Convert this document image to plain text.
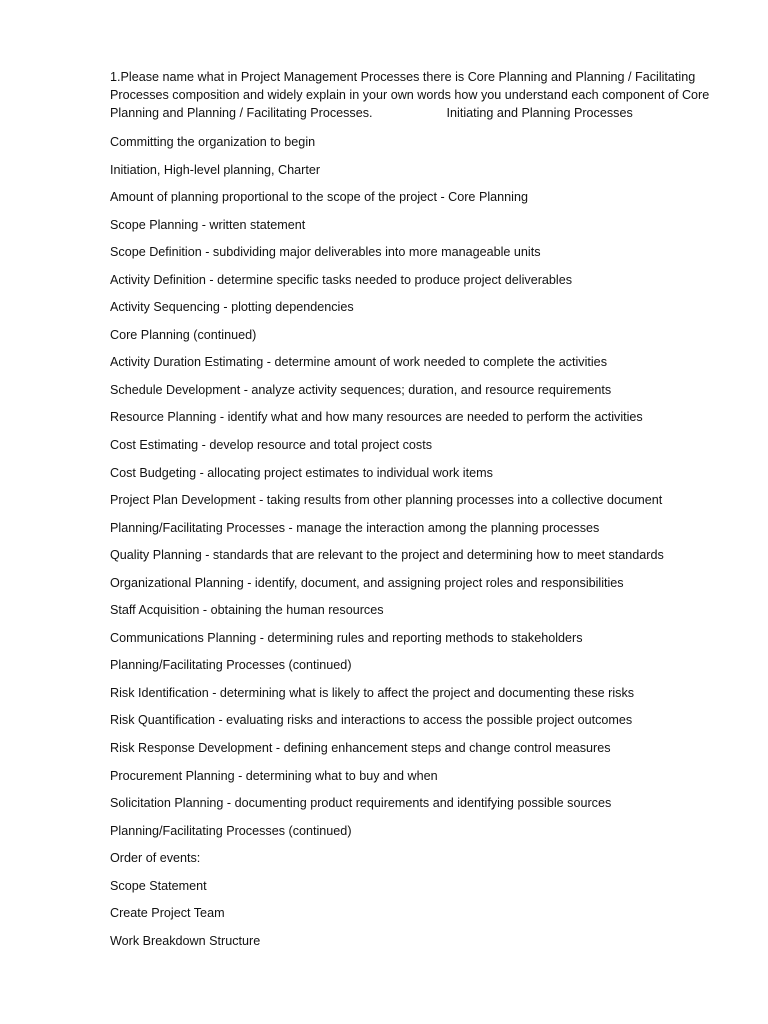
1.Please name what in Project Management Processes there is Core Planning and Planning / Facilitating Processes composition and widely explain in your own words how you understand each component of Core Planning and Planning / Facilitating Processes.	Initiating and Planning Processes

Committing the organization to begin
Initiation, High-level planning, Charter
Amount of planning proportional to the scope of the project - Core Planning
Scope Planning - written statement
Scope Definition - subdividing major deliverables into more manageable units
Activity Definition - determine specific tasks needed to produce project deliverables
Activity Sequencing - plotting dependencies
Core Planning (continued)
Activity Duration Estimating - determine amount of work needed to complete the activities
Schedule Development - analyze activity sequences; duration, and resource requirements
Resource Planning - identify what and how many resources are needed to perform the activities
Cost Estimating - develop resource and total project costs
Cost Budgeting - allocating project estimates to individual work items
Project Plan Development - taking results from other planning processes into a collective document
Planning/Facilitating Processes - manage the interaction among the planning processes
Quality Planning - standards that are relevant to the project and determining how to meet standards
Organizational Planning - identify, document, and assigning project roles and responsibilities
Staff Acquisition - obtaining the human resources
Communications Planning - determining rules and reporting methods to stakeholders
Planning/Facilitating Processes (continued)
Risk Identification - determining what is likely to affect the project and documenting these risks
Risk Quantification - evaluating risks and interactions to access the possible project outcomes
Risk Response Development - defining enhancement steps and change control measures
Procurement Planning - determining what to buy and when
Solicitation Planning - documenting product requirements and identifying possible sources
Planning/Facilitating Processes (continued)
Order of events:
Scope Statement
Create Project Team
Work Breakdown Structure
